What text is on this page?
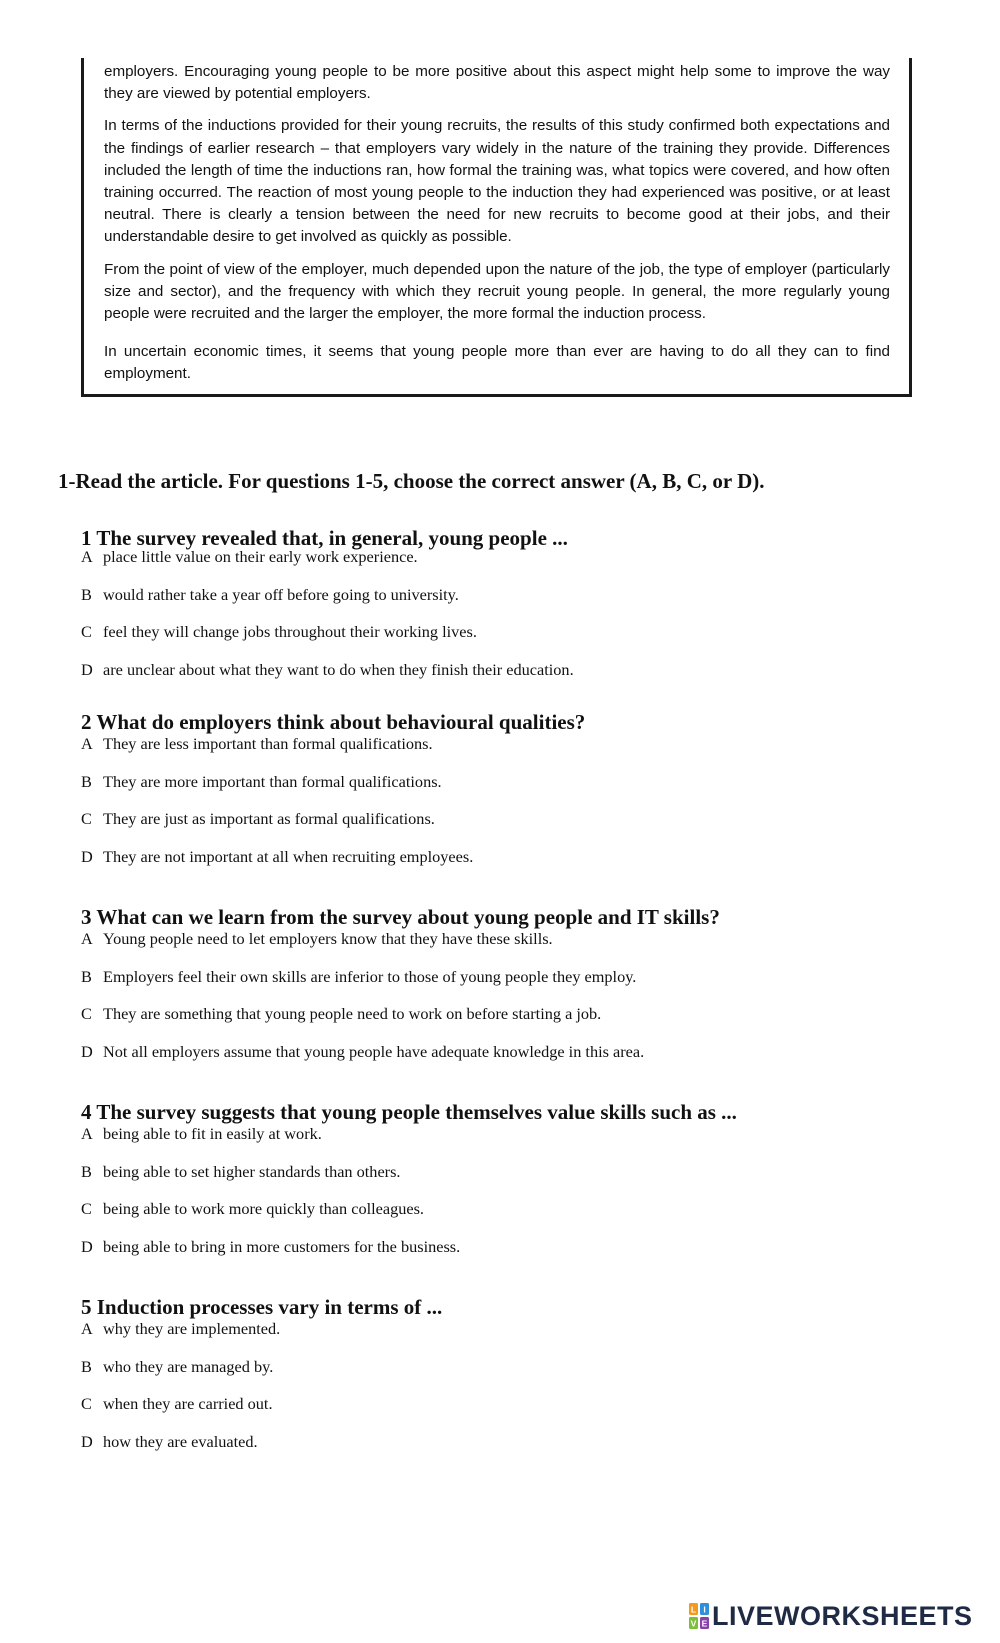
employers. Encouraging young people to be more positive about this aspect might help some to improve the way they are viewed by potential employers.

In terms of the inductions provided for their young recruits, the results of this study confirmed both expectations and the findings of earlier research – that employers vary widely in the nature of the training they provide. Differences included the length of time the inductions ran, how formal the training was, what topics were covered, and how often training occurred. The reaction of most young people to the induction they had experienced was positive, or at least neutral. There is clearly a tension between the need for new recruits to become good at their jobs, and their understandable desire to get involved as quickly as possible.

From the point of view of the employer, much depended upon the nature of the job, the type of employer (particularly size and sector), and the frequency with which they recruit young people. In general, the more regularly young people were recruited and the larger the employer, the more formal the induction process.

In uncertain economic times, it seems that young people more than ever are having to do all they can to find employment.

1-Read the article. For questions 1-5, choose the correct answer (A, B, C, or D).
1 The survey revealed that, in general, young people ...
A place little value on their early work experience.
B would rather take a year off before going to university.
C feel they will change jobs throughout their working lives.
D are unclear about what they want to do when they finish their education.
2 What do employers think about behavioural qualities?
A They are less important than formal qualifications.
B They are more important than formal qualifications.
C They are just as important as formal qualifications.
D They are not important at all when recruiting employees.
3 What can we learn from the survey about young people and IT skills?
A Young people need to let employers know that they have these skills.
B Employers feel their own skills are inferior to those of young people they employ.
C They are something that young people need to work on before starting a job.
D Not all employers assume that young people have adequate knowledge in this area.
4 The survey suggests that young people themselves value skills such as ...
A being able to fit in easily at work.
B being able to set higher standards than others.
C being able to work more quickly than colleagues.
D being able to bring in more customers for the business.
5 Induction processes vary in terms of ...
A why they are implemented.
B who they are managed by.
C when they are carried out.
D how they are evaluated.
L I
V E LIVEWORKSHEETS
